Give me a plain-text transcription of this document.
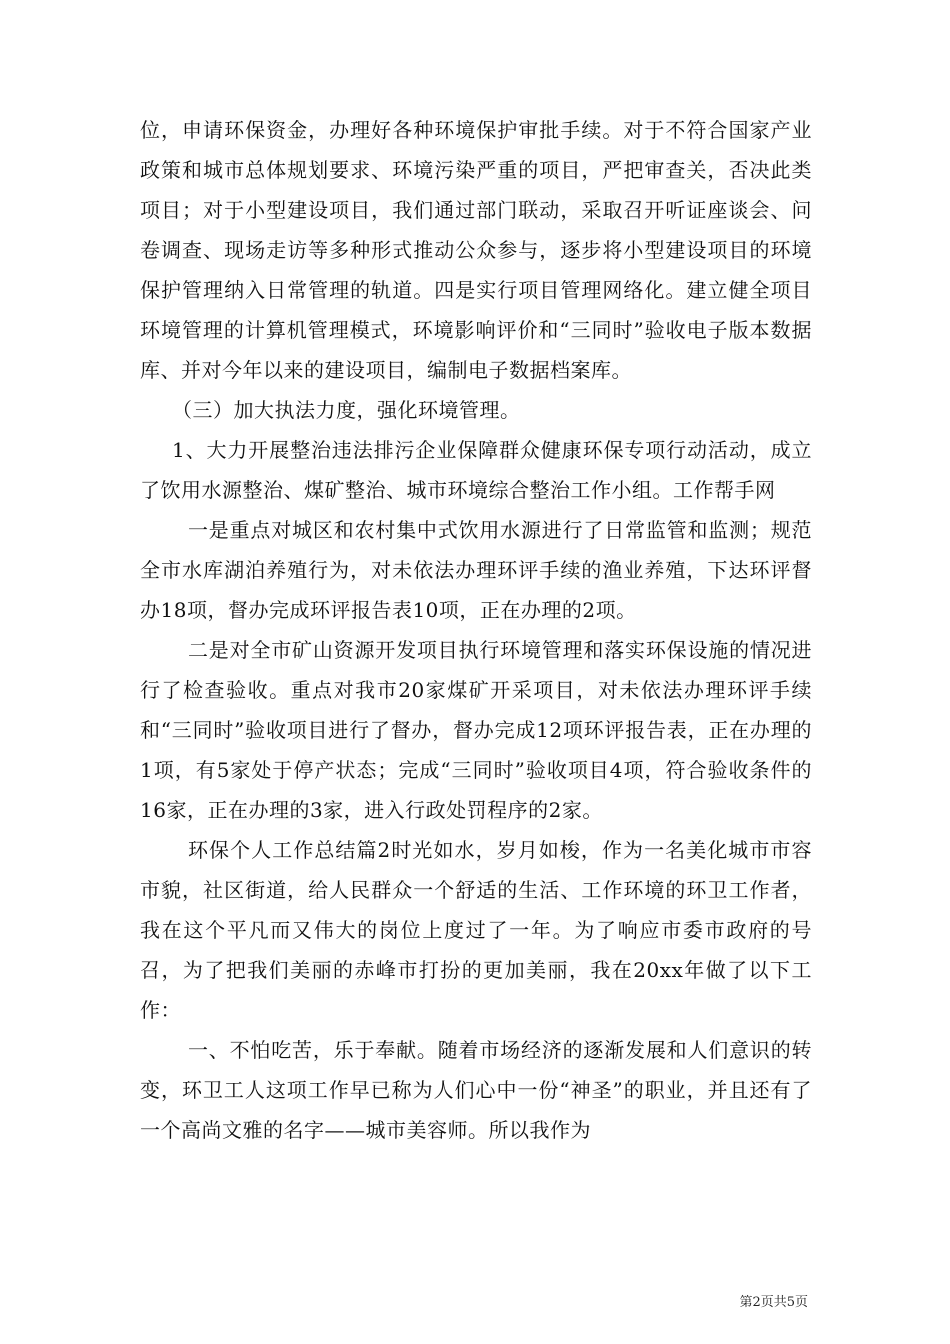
位，申请环保资金，办理好各种环境保护审批手续。对于不符合国家产业政策和城市总体规划要求、环境污染严重的项目，严把审查关，否决此类项目；对于小型建设项目，我们通过部门联动，采取召开听证座谈会、问卷调查、现场走访等多种形式推动公众参与，逐步将小型建设项目的环境保护管理纳入日常管理的轨道。四是实行项目管理网络化。建立健全项目环境管理的计算机管理模式，环境影响评价和“三同时”验收电子版本数据库、并对今年以来的建设项目，编制电子数据档案库。

（三）加大执法力度，强化环境管理。

1、大力开展整治违法排污企业保障群众健康环保专项行动活动，成立了饮用水源整治、煤矿整治、城市环境综合整治工作小组。工作帮手网

一是重点对城区和农村集中式饮用水源进行了日常监管和监测；规范全市水库湖泊养殖行为，对未依法办理环评手续的渔业养殖，下达环评督办18项，督办完成环评报告表10项，正在办理的2项。

二是对全市矿山资源开发项目执行环境管理和落实环保设施的情况进行了检查验收。重点对我市20家煤矿开采项目，对未依法办理环评手续和“三同时”验收项目进行了督办，督办完成12项环评报告表，正在办理的1项，有5家处于停产状态；完成“三同时”验收项目4项，符合验收条件的16家，正在办理的3家，进入行政处罚程序的2家。

环保个人工作总结篇2时光如水，岁月如梭，作为一名美化城市市容市貌，社区街道，给人民群众一个舒适的生活、工作环境的环卫工作者，我在这个平凡而又伟大的岗位上度过了一年。为了响应市委市政府的号召，为了把我们美丽的赤峰市打扮的更加美丽，我在20xx年做了以下工作：

一、不怕吃苦，乐于奉献。随着市场经济的逐渐发展和人们意识的转变，环卫工人这项工作早已称为人们心中一份“神圣”的职业，并且还有了一个高尚文雅的名字——城市美容师。所以我作为

第2页共5页
